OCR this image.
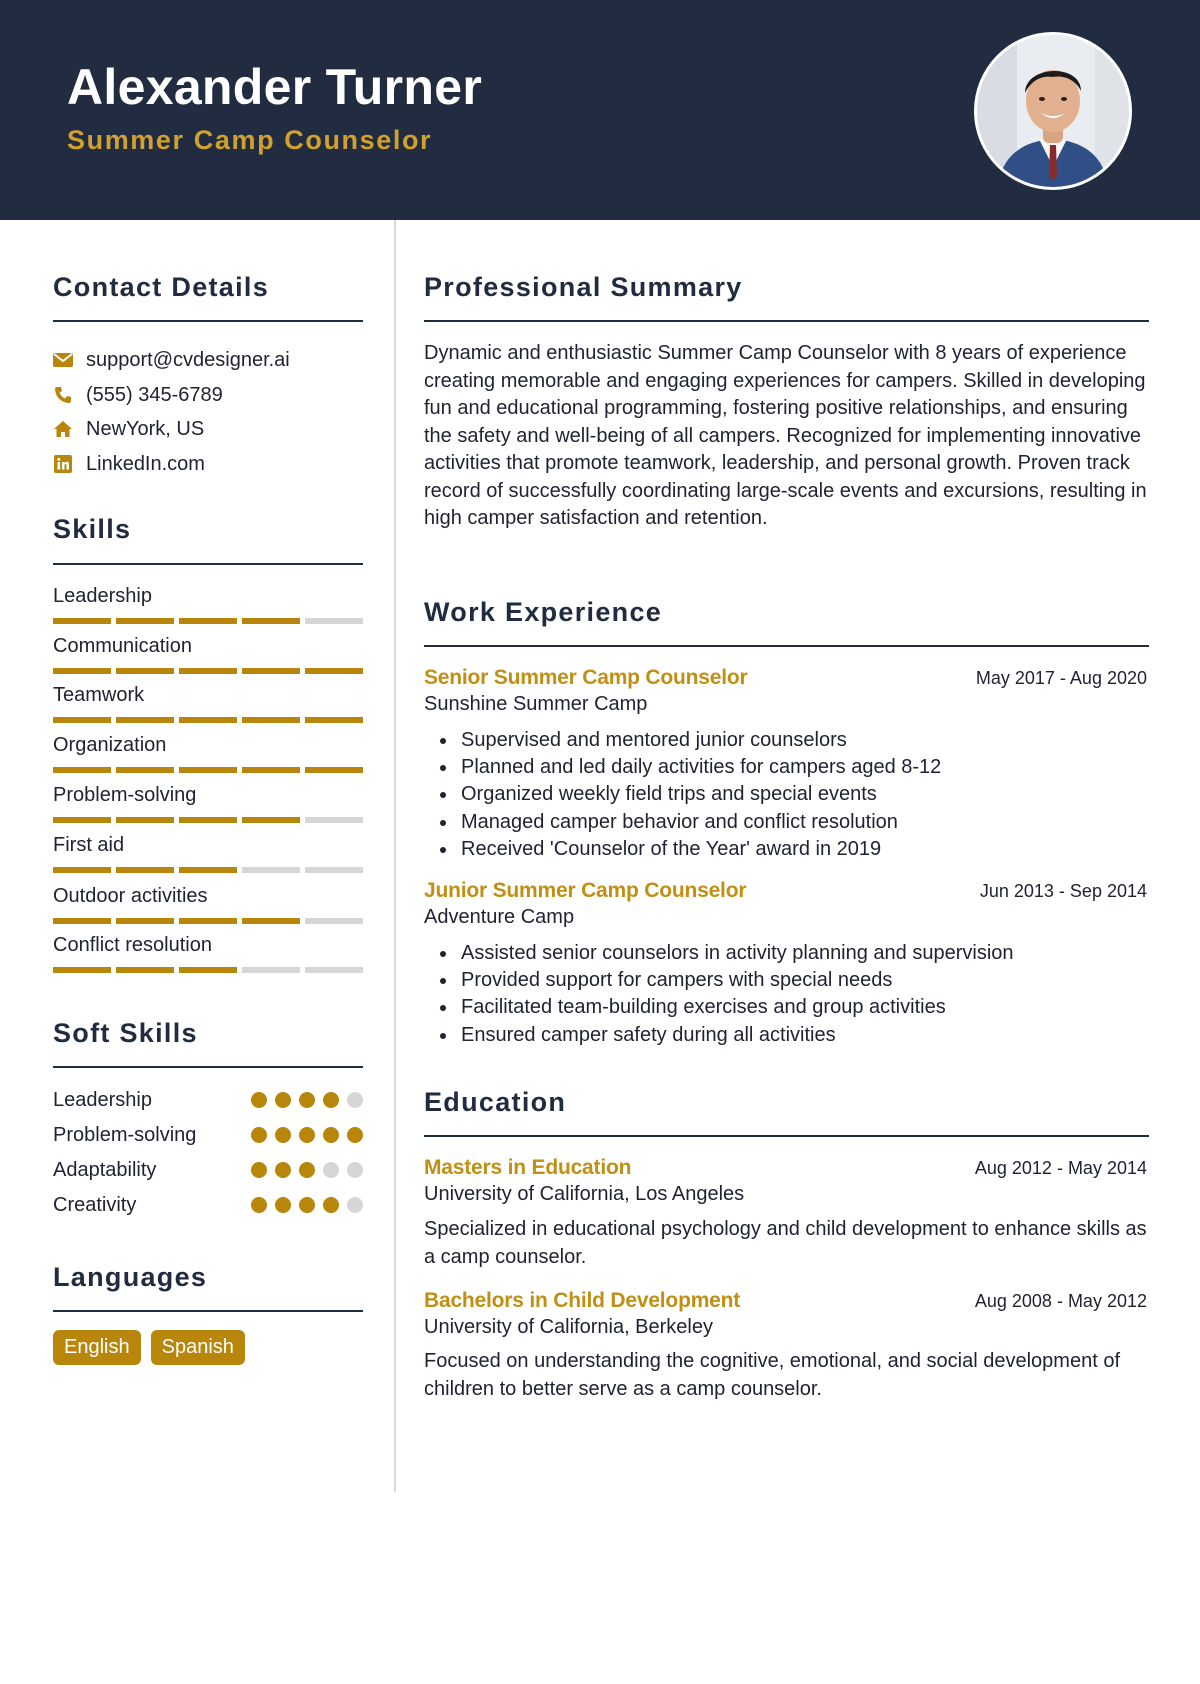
Alexander Turner
Summer Camp Counselor
Contact Details
support@cvdesigner.ai
(555) 345-6789
NewYork, US
LinkedIn.com
Skills
Leadership
Communication
Teamwork
Organization
Problem-solving
First aid
Outdoor activities
Conflict resolution
Soft Skills
Leadership
Problem-solving
Adaptability
Creativity
Languages
English	Spanish
Professional Summary
Dynamic and enthusiastic Summer Camp Counselor with 8 years of experience creating memorable and engaging experiences for campers. Skilled in developing fun and educational programming, fostering positive relationships, and ensuring the safety and well-being of all campers. Recognized for implementing innovative activities that promote teamwork, leadership, and personal growth. Proven track record of successfully coordinating large-scale events and excursions, resulting in high camper satisfaction and retention.
Work Experience
Senior Summer Camp Counselor	May 2017 - Aug 2020
Sunshine Summer Camp
Supervised and mentored junior counselors
Planned and led daily activities for campers aged 8-12
Organized weekly field trips and special events
Managed camper behavior and conflict resolution
Received 'Counselor of the Year' award in 2019
Junior Summer Camp Counselor	Jun 2013 - Sep 2014
Adventure Camp
Assisted senior counselors in activity planning and supervision
Provided support for campers with special needs
Facilitated team-building exercises and group activities
Ensured camper safety during all activities
Education
Masters in Education	Aug 2012 - May 2014
University of California, Los Angeles
Specialized in educational psychology and child development to enhance skills as a camp counselor.
Bachelors in Child Development	Aug 2008 - May 2012
University of California, Berkeley
Focused on understanding the cognitive, emotional, and social development of children to better serve as a camp counselor.
